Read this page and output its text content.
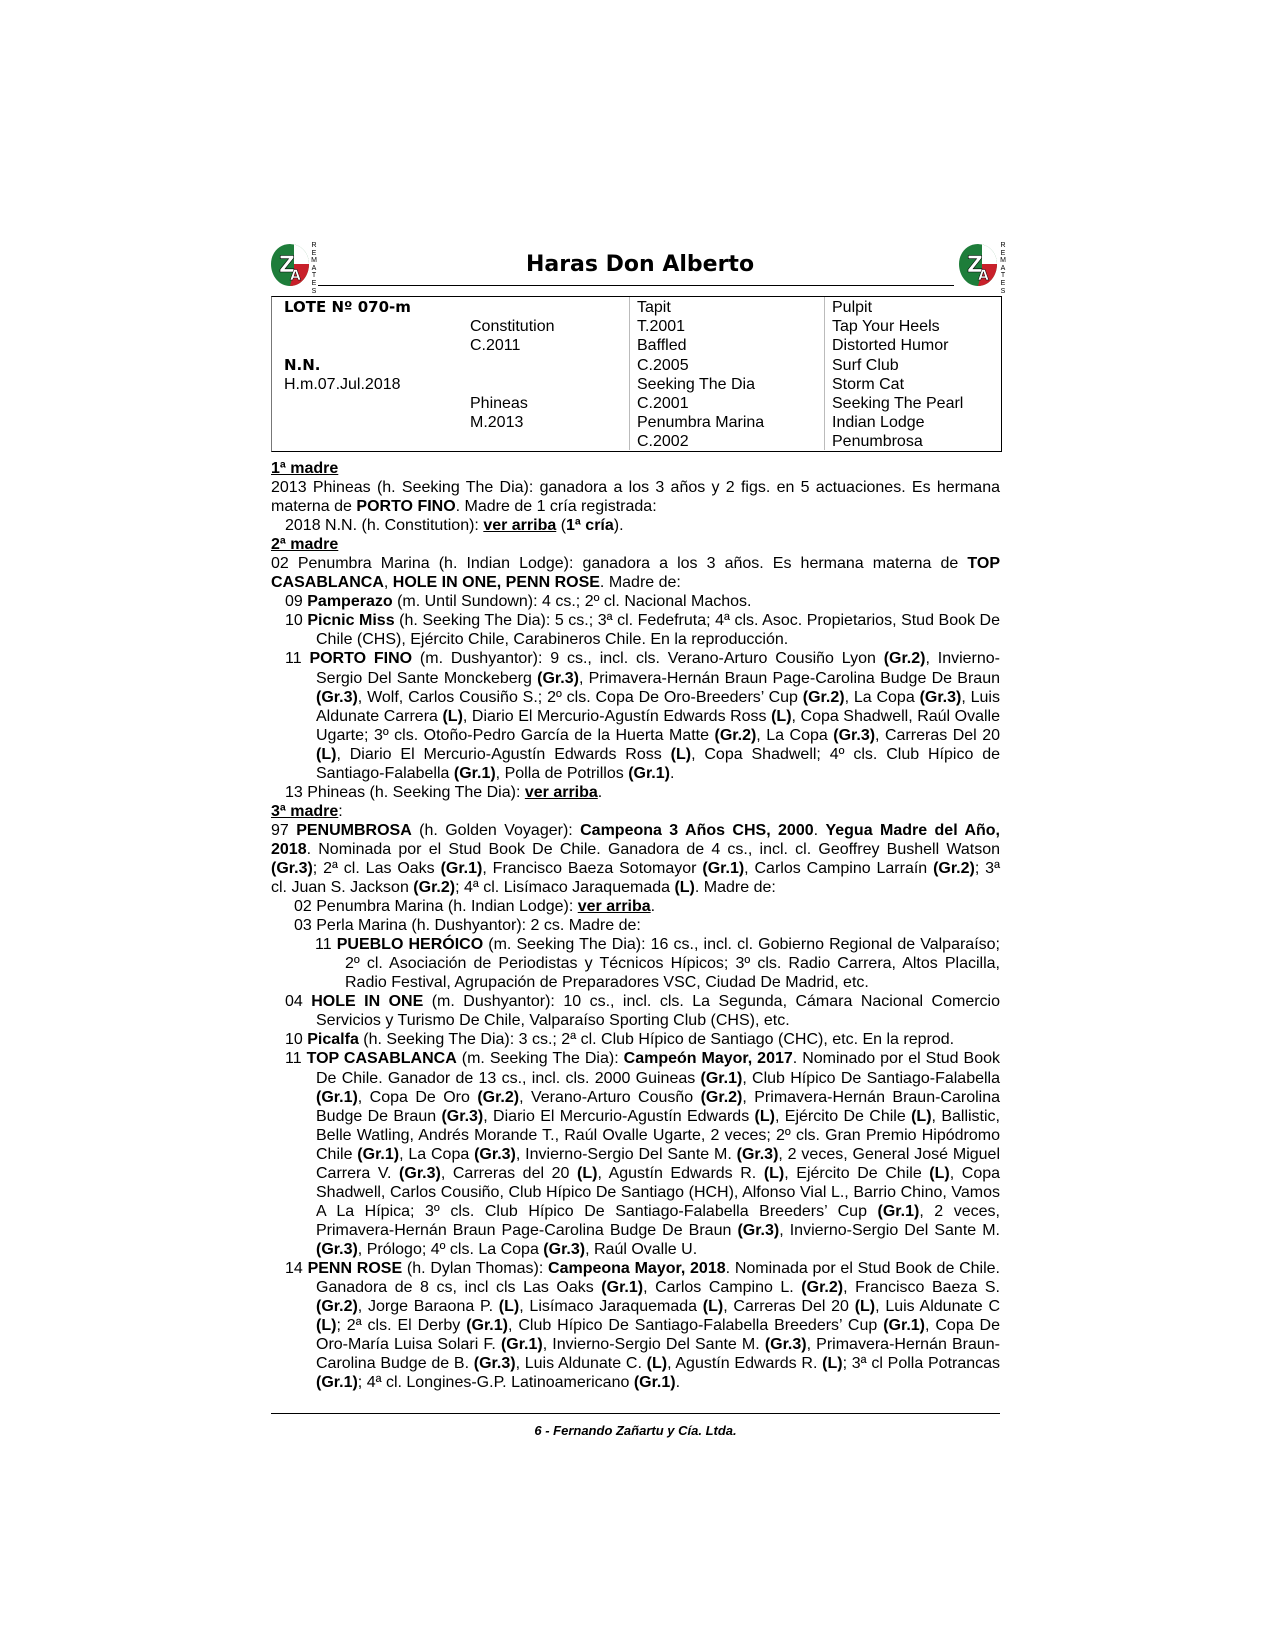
Z
A
R
E
M
A
T
E
S
Haras Don Alberto	Z
A
R
E
M
A
T
E
S
LOTE Nº 070-m
N.N.
H.m.07.Jul.2018
Constitution
C.2011
Phineas
M.2013
Tapit
T.2001
Baffled
C.2005
Seeking The Dia
C.2001
Penumbra Marina
C.2002
Pulpit
Tap Your Heels
Distorted Humor
Surf Club
Storm Cat
Seeking The Pearl
Indian Lodge
Penumbrosa

1ª madre

2013 Phineas (h. Seeking The Dia): ganadora a los 3 años y 2 figs. en 5 actuaciones. Es hermana materna de PORTO FINO. Madre de 1 cría registrada:

2018 N.N. (h. Constitution): ver arriba (1ª cría).

2ª madre

02 Penumbra Marina (h. Indian Lodge): ganadora a los 3 años. Es hermana materna de TOP CASABLANCA, HOLE IN ONE, PENN ROSE. Madre de:

09 Pamperazo (m. Until Sundown): 4 cs.; 2º cl. Nacional Machos.

10 Picnic Miss (h. Seeking The Dia): 5 cs.; 3ª cl. Fedefruta; 4ª cls. Asoc. Propietarios, Stud Book De Chile (CHS), Ejército Chile, Carabineros Chile. En la reproducción.

11 PORTO FINO (m. Dushyantor): 9 cs., incl. cls. Verano-Arturo Cousiño Lyon (Gr.2), Invierno-Sergio Del Sante Monckeberg (Gr.3), Primavera-Hernán Braun Page-Carolina Budge De Braun (Gr.3), Wolf, Carlos Cousiño S.; 2º cls. Copa De Oro-Breeders’ Cup (Gr.2), La Copa (Gr.3), Luis Aldunate Carrera (L), Diario El Mercurio-Agustín Edwards Ross (L), Copa Shadwell, Raúl Ovalle Ugarte; 3º cls. Otoño-Pedro García de la Huerta Matte (Gr.2), La Copa (Gr.3), Carreras Del 20 (L), Diario El Mercurio-Agustín Edwards Ross (L), Copa Shadwell; 4º cls. Club Hípico de Santiago-Falabella (Gr.1), Polla de Potrillos (Gr.1).

13 Phineas (h. Seeking The Dia): ver arriba.

3ª madre:

97 PENUMBROSA (h. Golden Voyager): Campeona 3 Años CHS, 2000. Yegua Madre del Año, 2018. Nominada por el Stud Book De Chile. Ganadora de 4 cs., incl. cl. Geoffrey Bushell Watson (Gr.3); 2ª cl. Las Oaks (Gr.1), Francisco Baeza Sotomayor (Gr.1), Carlos Campino Larraín (Gr.2); 3ª cl. Juan S. Jackson (Gr.2); 4ª cl. Lisímaco Jaraquemada (L). Madre de:

02 Penumbra Marina (h. Indian Lodge): ver arriba.

03 Perla Marina (h. Dushyantor): 2 cs. Madre de:

11 PUEBLO HERÓICO (m. Seeking The Dia): 16 cs., incl. cl. Gobierno Regional de Valparaíso; 2º cl. Asociación de Periodistas y Técnicos Hípicos; 3º cls. Radio Carrera, Altos Placilla, Radio Festival, Agrupación de Preparadores VSC, Ciudad De Madrid, etc.

04 HOLE IN ONE (m. Dushyantor): 10 cs., incl. cls. La Segunda, Cámara Nacional Comercio Servicios y Turismo De Chile, Valparaíso Sporting Club (CHS), etc.

10 Picalfa (h. Seeking The Dia): 3 cs.; 2ª cl. Club Hípico de Santiago (CHC), etc. En la reprod.

11 TOP CASABLANCA (m. Seeking The Dia): Campeón Mayor, 2017. Nominado por el Stud Book De Chile. Ganador de 13 cs., incl. cls. 2000 Guineas (Gr.1), Club Hípico De Santiago-Falabella (Gr.1), Copa De Oro (Gr.2), Verano-Arturo Cousño (Gr.2), Primavera-Hernán Braun-Carolina Budge De Braun (Gr.3), Diario El Mercurio-Agustín Edwards (L), Ejército De Chile (L), Ballistic, Belle Watling, Andrés Morande T., Raúl Ovalle Ugarte, 2 veces; 2º cls. Gran Premio Hipódromo Chile (Gr.1), La Copa (Gr.3), Invierno-Sergio Del Sante M. (Gr.3), 2 veces, General José Miguel Carrera V. (Gr.3), Carreras del 20 (L), Agustín Edwards R. (L), Ejército De Chile (L), Copa Shadwell, Carlos Cousiño, Club Hípico De Santiago (HCH), Alfonso Vial L., Barrio Chino, Vamos A La Hípica; 3º cls. Club Hípico De Santiago-Falabella Breeders’ Cup (Gr.1), 2 veces, Primavera-Hernán Braun Page-Carolina Budge De Braun (Gr.3), Invierno-Sergio Del Sante M. (Gr.3), Prólogo; 4º cls. La Copa (Gr.3), Raúl Ovalle U.

14 PENN ROSE (h. Dylan Thomas): Campeona Mayor, 2018. Nominada por el Stud Book de Chile. Ganadora de 8 cs, incl cls Las Oaks (Gr.1), Carlos Campino L. (Gr.2), Francisco Baeza S. (Gr.2), Jorge Baraona P. (L), Lisímaco Jaraquemada (L), Carreras Del 20 (L), Luis Aldunate C (L); 2ª cls. El Derby (Gr.1), Club Hípico De Santiago-Falabella Breeders’ Cup (Gr.1), Copa De Oro-María Luisa Solari F. (Gr.1), Invierno-Sergio Del Sante M. (Gr.3), Primavera-Hernán Braun-Carolina Budge de B. (Gr.3), Luis Aldunate C. (L), Agustín Edwards R. (L); 3ª cl Polla Potrancas (Gr.1); 4ª cl. Longines-G.P. Latinoamericano (Gr.1).

6 - Fernando Zañartu y Cía. Ltda.
